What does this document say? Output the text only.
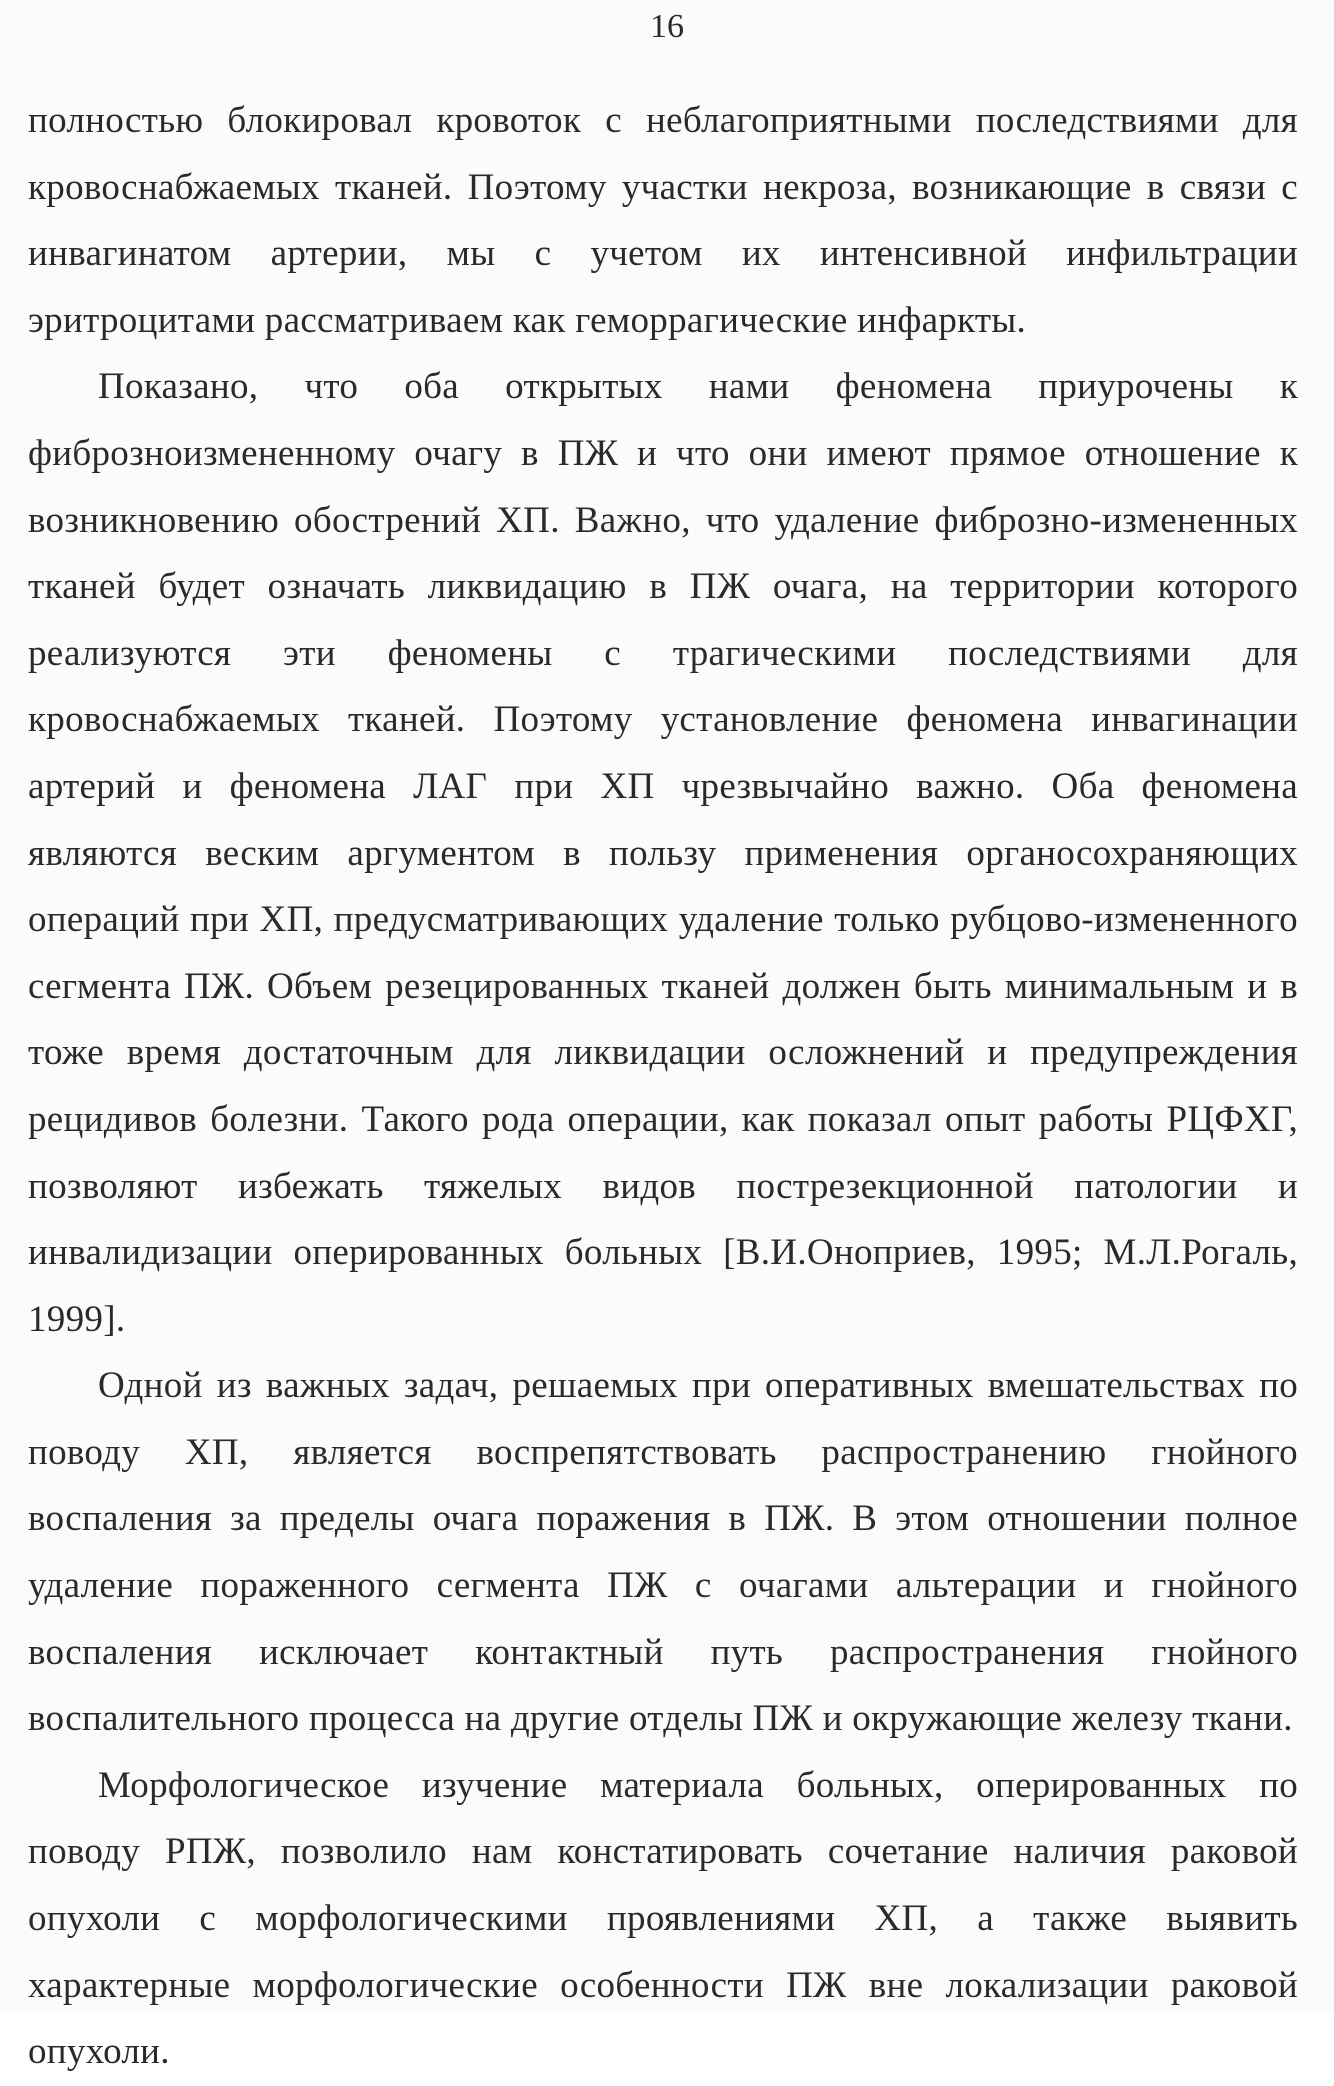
16

полностью блокировал кровоток с неблагоприятными последствиями для кровоснабжаемых тканей. Поэтому участки некроза, возникающие в связи с инвагинатом артерии, мы с учетом их интенсивной инфильтрации эритроцитами рассматриваем как геморрагические инфаркты.

Показано, что оба открытых нами феномена приурочены к фиброзноизмененному очагу в ПЖ и что они имеют прямое отношение к возникновению обострений ХП. Важно, что удаление фиброзно-измененных тканей будет означать ликвидацию в ПЖ очага, на территории которого реализуются эти феномены с трагическими последствиями для кровоснабжаемых тканей. Поэтому установление феномена инвагинации артерий и феномена ЛАГ при ХП чрезвычайно важно. Оба феномена являются веским аргументом в пользу применения органосохраняющих операций при ХП, предусматривающих удаление только рубцово-измененного сегмента ПЖ. Объем резецированных тканей должен быть минимальным и в тоже время достаточным для ликвидации осложнений и предупреждения рецидивов болезни. Такого рода операции, как показал опыт работы РЦФХГ, позволяют избежать тяжелых видов пострезекционной патологии и инвалидизации оперированных больных [В.И.Оноприев, 1995; М.Л.Рогаль, 1999].

Одной из важных задач, решаемых при оперативных вмешательствах по поводу ХП, является воспрепятствовать распространению гнойного воспаления за пределы очага поражения в ПЖ. В этом отношении полное удаление пораженного сегмента ПЖ с очагами альтерации и гнойного воспаления исключает контактный путь распространения гнойного воспалительного процесса на другие отделы ПЖ и окружающие железу ткани.

Морфологическое изучение материала больных, оперированных по поводу РПЖ, позволило нам констатировать сочетание наличия раковой опухоли с морфологическими проявлениями ХП, а также выявить характерные морфологические особенности ПЖ вне локализации раковой опухоли.
